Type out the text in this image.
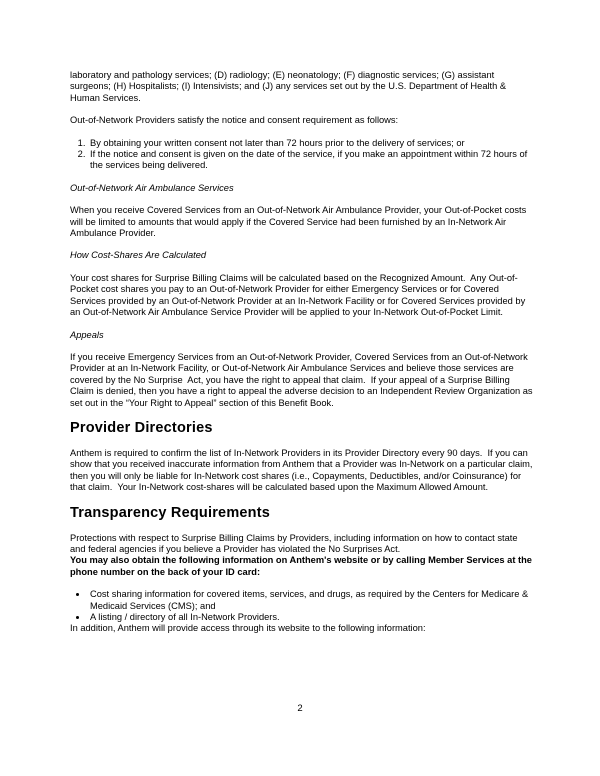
laboratory and pathology services; (D) radiology; (E) neonatology; (F) diagnostic services; (G) assistant surgeons; (H) Hospitalists; (I) Intensivists; and (J) any services set out by the U.S. Department of Health & Human Services.

Out-of-Network Providers satisfy the notice and consent requirement as follows:

1. By obtaining your written consent not later than 72 hours prior to the delivery of services; or
2. If the notice and consent is given on the date of the service, if you make an appointment within 72 hours of the services being delivered.

Out-of-Network Air Ambulance Services

When you receive Covered Services from an Out-of-Network Air Ambulance Provider, your Out-of-Pocket costs will be limited to amounts that would apply if the Covered Service had been furnished by an In-Network Air Ambulance Provider.

How Cost-Shares Are Calculated

Your cost shares for Surprise Billing Claims will be calculated based on the Recognized Amount.  Any Out-of-Pocket cost shares you pay to an Out-of-Network Provider for either Emergency Services or for Covered Services provided by an Out-of-Network Provider at an In-Network Facility or for Covered Services provided by an Out-of-Network Air Ambulance Service Provider will be applied to your In-Network Out-of-Pocket Limit.

Appeals

If you receive Emergency Services from an Out-of-Network Provider, Covered Services from an Out-of-Network Provider at an In-Network Facility, or Out-of-Network Air Ambulance Services and believe those services are covered by the No Surprise  Act, you have the right to appeal that claim.  If your appeal of a Surprise Billing Claim is denied, then you have a right to appeal the adverse decision to an Independent Review Organization as set out in the “Your Right to Appeal” section of this Benefit Book.

Provider Directories

Anthem is required to confirm the list of In-Network Providers in its Provider Directory every 90 days.  If you can show that you received inaccurate information from Anthem that a Provider was In-Network on a particular claim, then you will only be liable for In-Network cost shares (i.e., Copayments, Deductibles, and/or Coinsurance) for that claim.  Your In-Network cost-shares will be calculated based upon the Maximum Allowed Amount.

Transparency Requirements
Protections with respect to Surprise Billing Claims by Providers, including information on how to contact state and federal agencies if you believe a Provider has violated the No Surprises Act.
You may also obtain the following information on Anthem's website or by calling Member Services at the phone number on the back of your ID card:
• Cost sharing information for covered items, services, and drugs, as required by the Centers for Medicare & Medicaid Services (CMS); and
• A listing / directory of all In-Network Providers.

In addition, Anthem will provide access through its website to the following information:

2
